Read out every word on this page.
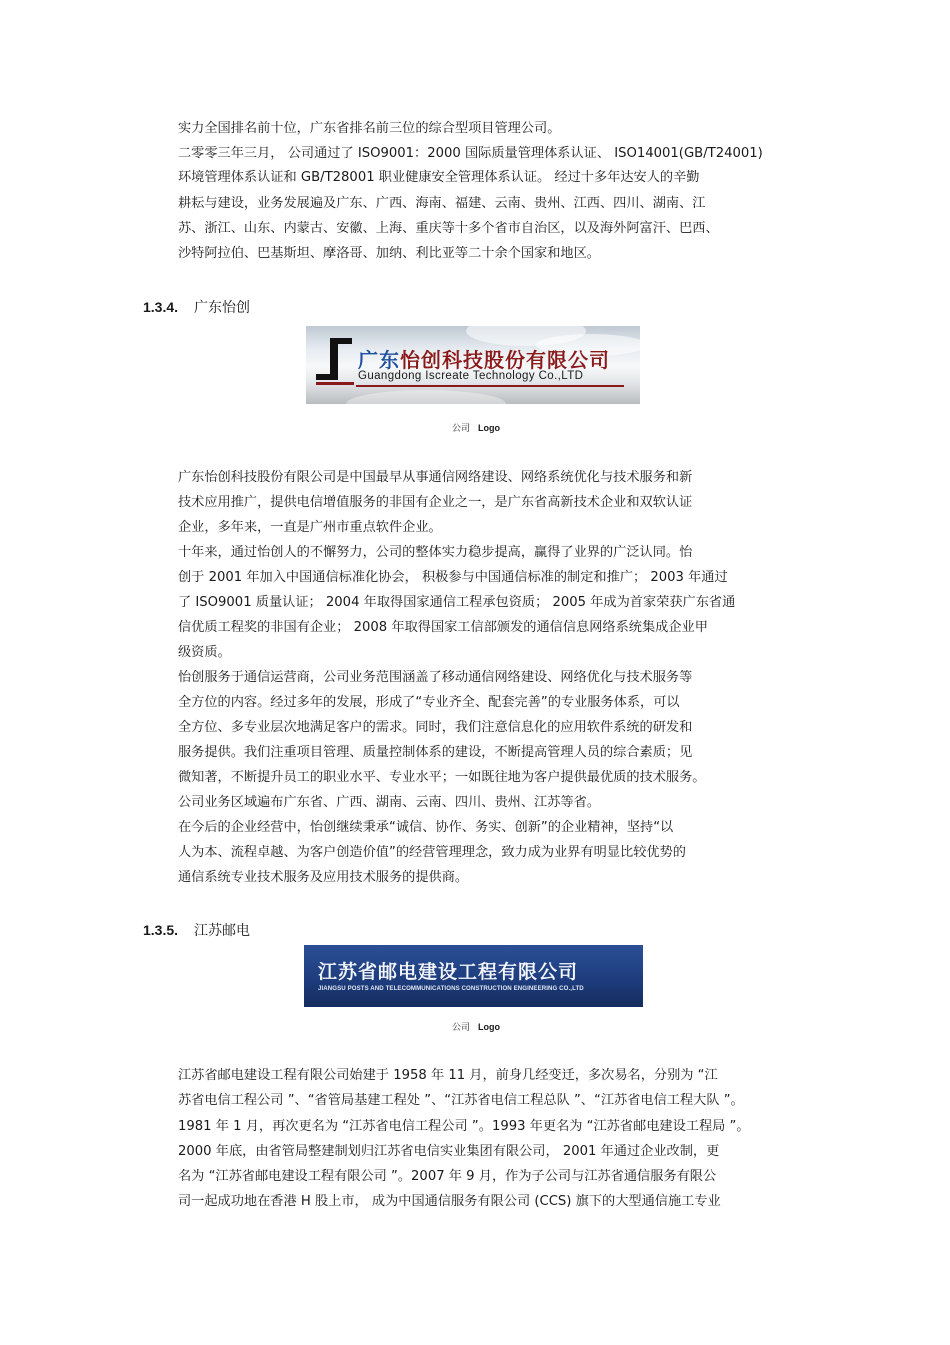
实力全国排名前十位，广东省排名前三位的综合型项目管理公司。
二零零三年三月， 公司通过了 ISO9001：2000 国际质量管理体系认证、 ISO14001(GB/T24001)
环境管理体系认证和 GB/T28001 职业健康安全管理体系认证。 经过十多年达安人的辛勤
耕耘与建设，业务发展遍及广东、广西、海南、福建、云南、贵州、江西、四川、湖南、江
苏、浙江、山东、内蒙古、安徽、上海、重庆等十多个省市自治区，以及海外阿富汗、巴西、
沙特阿拉伯、巴基斯坦、摩洛哥、加纳、利比亚等二十余个国家和地区。
1.3.4. 广东怡创
广东怡创科技股份有限公司
Guangdong Iscreate Technology Co.,LTD
公司 Logo
广东怡创科技股份有限公司是中国最早从事通信网络建设、网络系统优化与技术服务和新
技术应用推广，提供电信增值服务的非国有企业之一，是广东省高新技术企业和双软认证
企业，多年来，一直是广州市重点软件企业。
十年来，通过怡创人的不懈努力，公司的整体实力稳步提高，赢得了业界的广泛认同。怡
创于 2001 年加入中国通信标准化协会， 积极参与中国通信标准的制定和推广； 2003 年通过
了 ISO9001 质量认证； 2004 年取得国家通信工程承包资质； 2005 年成为首家荣获广东省通
信优质工程奖的非国有企业； 2008 年取得国家工信部颁发的通信信息网络系统集成企业甲
级资质。
怡创服务于通信运营商，公司业务范围涵盖了移动通信网络建设、网络优化与技术服务等
全方位的内容。经过多年的发展，形成了“专业齐全、配套完善”的专业服务体系，可以
全方位、多专业层次地满足客户的需求。同时，我们注意信息化的应用软件系统的研发和
服务提供。我们注重项目管理、质量控制体系的建设，不断提高管理人员的综合素质；见
微知著，不断提升员工的职业水平、专业水平；一如既往地为客户提供最优质的技术服务。
公司业务区域遍布广东省、广西、湖南、云南、四川、贵州、江苏等省。
在今后的企业经营中，怡创继续秉承“诚信、协作、务实、创新”的企业精神，坚持“以
人为本、流程卓越、为客户创造价值”的经营管理理念，致力成为业界有明显比较优势的
通信系统专业技术服务及应用技术服务的提供商。
1.3.5. 江苏邮电
江苏省邮电建设工程有限公司
JIANGSU POSTS AND TELECOMMUNICATIONS CONSTRUCTION ENGINEERING CO.,LTD
公司 Logo
江苏省邮电建设工程有限公司始建于 1958 年 11 月，前身几经变迁，多次易名，分别为 “江
苏省电信工程公司 ”、“省管局基建工程处 ”、“江苏省电信工程总队 ”、“江苏省电信工程大队 ”。
1981 年 1 月，再次更名为 “江苏省电信工程公司 ”。1993 年更名为 “江苏省邮电建设工程局 ”。
2000 年底，由省管局整建制划归江苏省电信实业集团有限公司， 2001 年通过企业改制，更
名为 “江苏省邮电建设工程有限公司 ”。2007 年 9 月，作为子公司与江苏省通信服务有限公
司一起成功地在香港 H 股上市， 成为中国通信服务有限公司 (CCS) 旗下的大型通信施工专业
